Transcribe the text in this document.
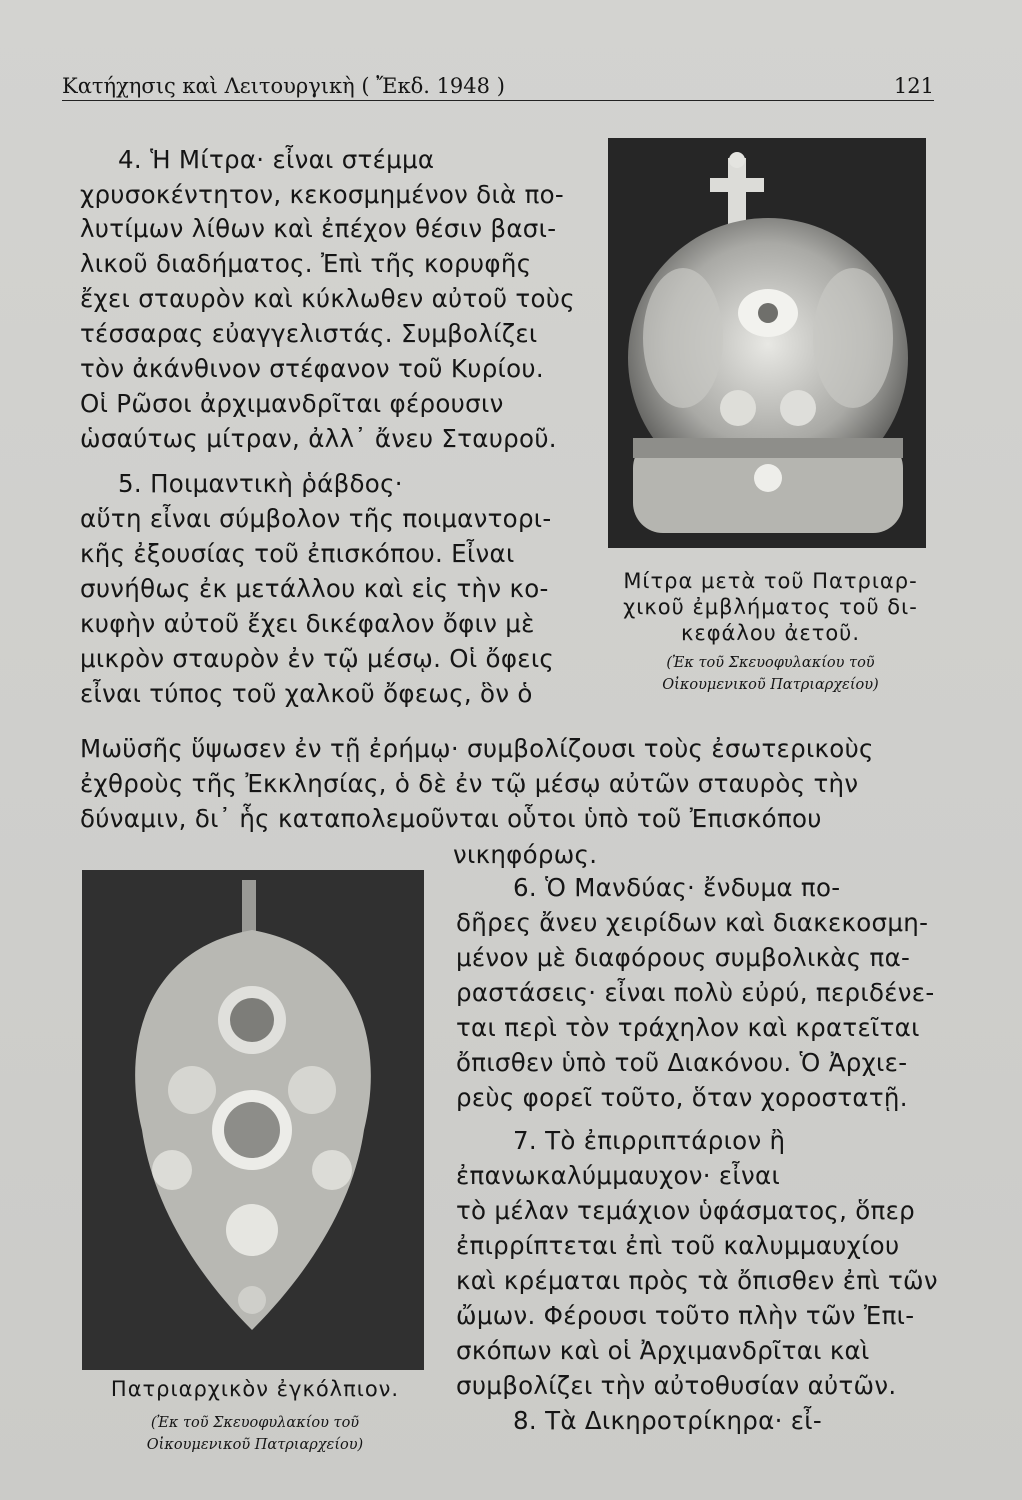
Κατήχησις καὶ Λειτουργικὴ ( Ἔκδ. 1948 )	121
4. Ἡ Μίτρα· εἶναι στέμμα
χρυσοκέντητον, κεκοσμημένον διὰ πο-
λυτίμων λίθων καὶ ἐπέχον θέσιν βασι-
λικοῦ διαδήματος. Ἐπὶ τῆς κορυφῆς
ἔχει σταυρὸν καὶ κύκλωθεν αὐτοῦ τοὺς
τέσσαρας εὐαγγελιστάς. Συμβολίζει
τὸν ἀκάνθινον στέφανον τοῦ Κυρίου.
Οἱ Ρῶσοι ἀρχιμανδρῖται φέρουσιν
ὡσαύτως μίτραν, ἀλλ᾽ ἄνευ Σταυροῦ.
5. Ποιμαντικὴ ῥάβδος·
αὕτη εἶναι σύμβολον τῆς ποιμαντορι-
κῆς ἐξουσίας τοῦ ἐπισκόπου. Εἶναι
συνήθως ἐκ μετάλλου καὶ εἰς τὴν κο-
κυφὴν αὐτοῦ ἔχει δικέφαλον ὄφιν μὲ
μικρὸν σταυρὸν ἐν τῷ μέσῳ. Οἱ ὄφεις
εἶναι τύπος τοῦ χαλκοῦ ὄφεως, ὃν ὁ
Μίτρα μετὰ τοῦ Πατριαρ-
χικοῦ ἐμβλήματος τοῦ δι-
κεφάλου ἀετοῦ.
(Ἐκ τοῦ Σκευοφυλακίου τοῦ
Οἰκουμενικοῦ Πατριαρχείου)
Μωϋσῆς ὕψωσεν ἐν τῇ ἐρήμῳ· συμβολίζουσι τοὺς ἐσωτερικοὺς
ἐχθροὺς τῆς Ἐκκλησίας, ὁ δὲ ἐν τῷ μέσῳ αὐτῶν σταυρὸς τὴν
δύναμιν, δι᾽ ἧς καταπολεμοῦνται οὗτοι ὑπὸ τοῦ Ἐπισκόπου
νικηφόρως.
Πατριαρχικὸν ἐγκόλπιον.
(Ἐκ τοῦ Σκευοφυλακίου τοῦ
Οἰκουμενικοῦ Πατριαρχείου)
6. Ὁ Μανδύας· ἔνδυμα πο-
δῆρες ἄνευ χειρίδων καὶ διακεκοσμη-
μένον μὲ διαφόρους συμβολικὰς πα-
ραστάσεις· εἶναι πολὺ εὐρύ, περιδένε-
ται περὶ τὸν τράχηλον καὶ κρατεῖται
ὄπισθεν ὑπὸ τοῦ Διακόνου. Ὁ Ἀρχιε-
ρεὺς φορεῖ τοῦτο, ὅταν χοροστατῇ.
7. Τὸ ἐπιρριπτάριον ἢ
ἐπανωκαλύμμαυχον· εἶναι
τὸ μέλαν τεμάχιον ὑφάσματος, ὅπερ
ἐπιρρίπτεται ἐπὶ τοῦ καλυμμαυχίου
καὶ κρέμαται πρὸς τὰ ὄπισθεν ἐπὶ τῶν
ὤμων. Φέρουσι τοῦτο πλὴν τῶν Ἐπι-
σκόπων καὶ οἱ Ἀρχιμανδρῖται καὶ
συμβολίζει τὴν αὐτοθυσίαν αὐτῶν.
8. Τὰ Δικηροτρίκηρα· εἶ-
